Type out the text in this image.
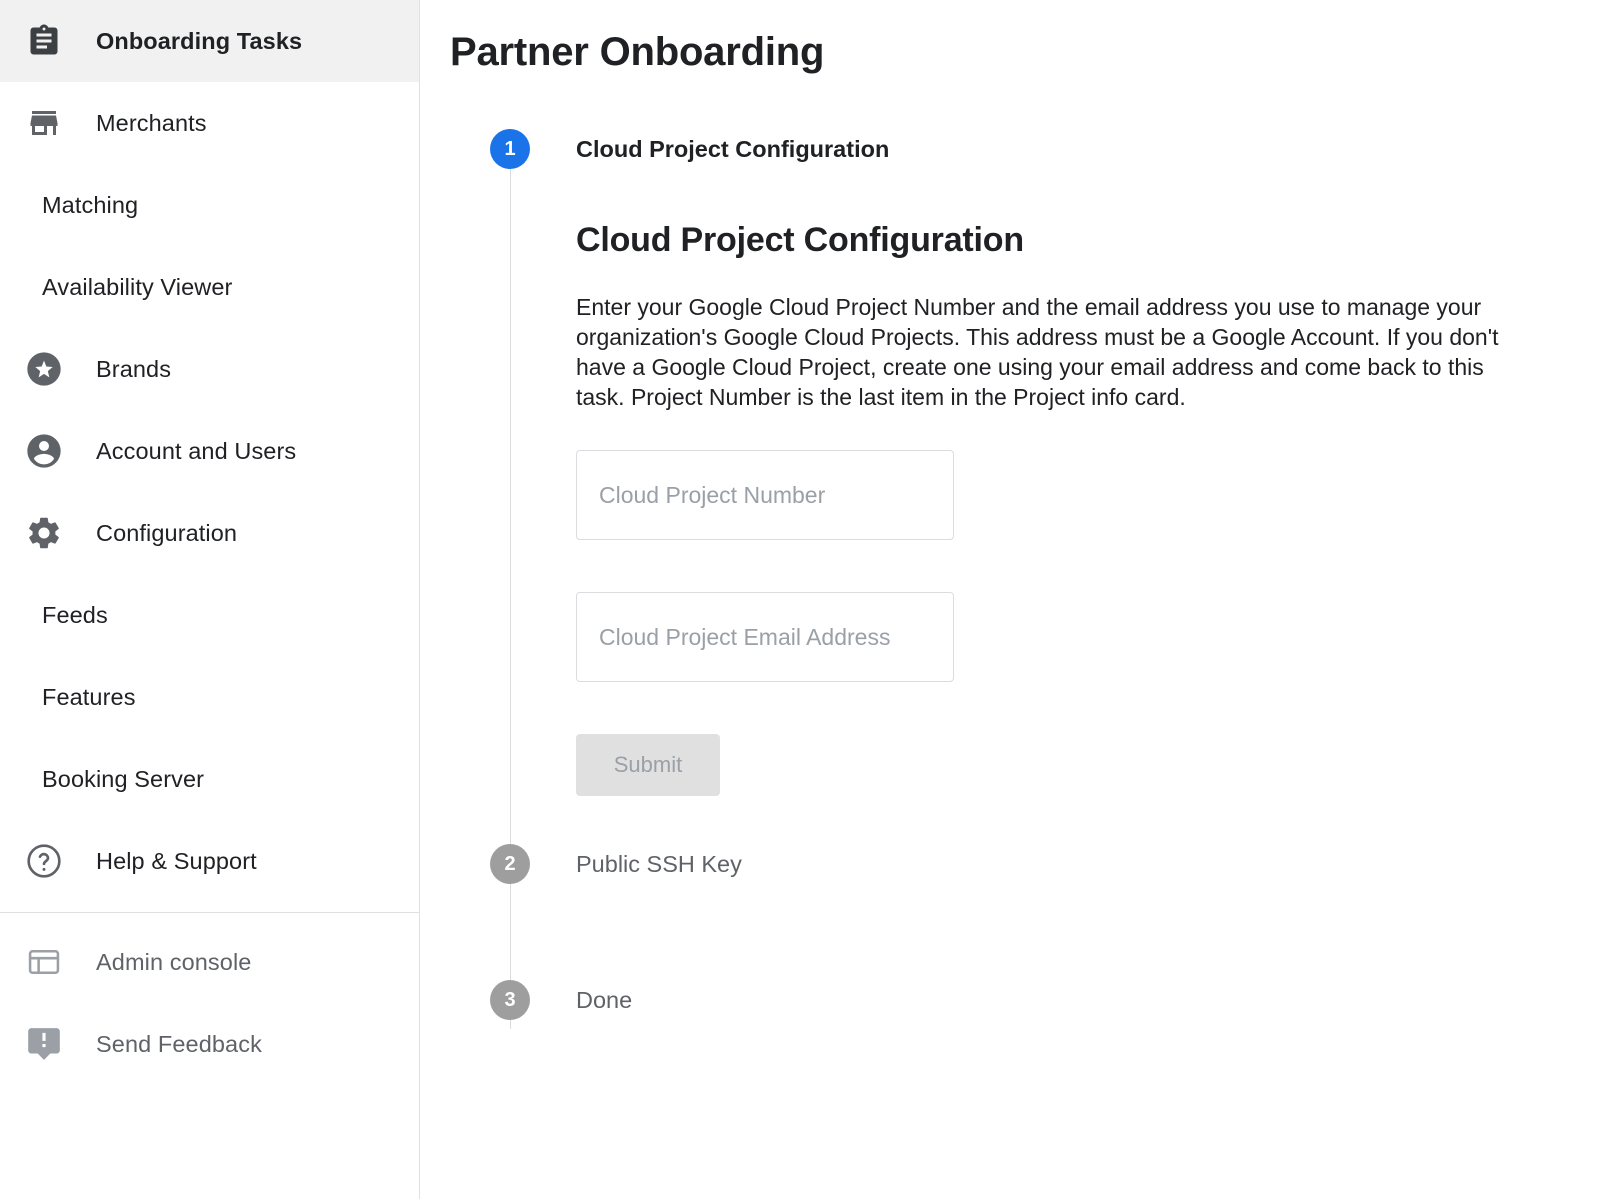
Onboarding Tasks
Merchants
Matching
Availability Viewer
Brands
Account and Users
Configuration
Feeds
Features
Booking Server
Help & Support
Admin console
Send Feedback
Partner Onboarding
1	Cloud Project Configuration
Cloud Project Configuration

Enter your Google Cloud Project Number and the email address you use to manage your organization's Google Cloud Projects. This address must be a Google Account. If you don't have a Google Cloud Project, create one using your email address and come back to this task. Project Number is the last item in the Project info card.

Cloud Project Number
Cloud Project Email Address
Submit
2	Public SSH Key
3	Done
